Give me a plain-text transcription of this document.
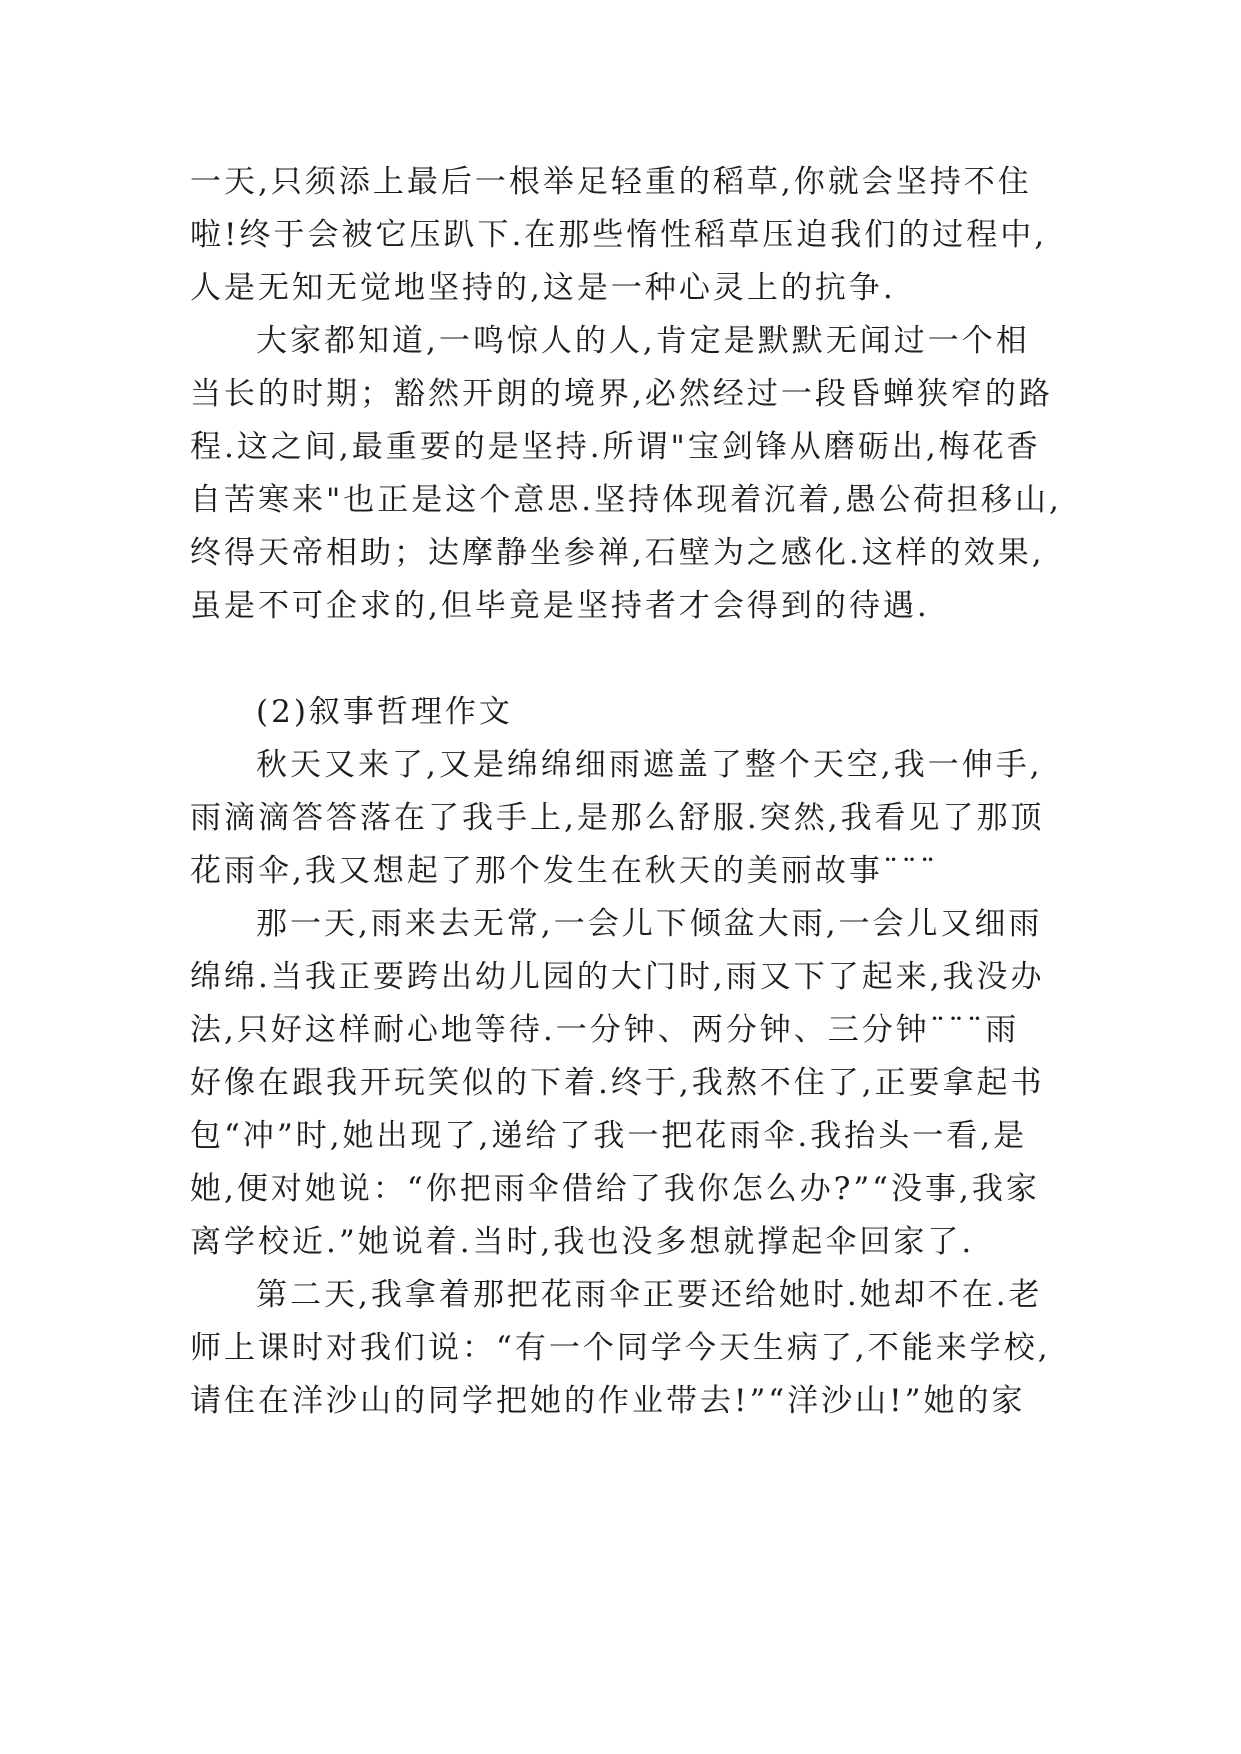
一天,只须添上最后一根举足轻重的稻草,你就会坚持不住
啦!终于会被它压趴下.在那些惰性稻草压迫我们的过程中,
人是无知无觉地坚持的,这是一种心灵上的抗争.
大家都知道,一鸣惊人的人,肯定是默默无闻过一个相
当长的时期；豁然开朗的境界,必然经过一段昏蝉狭窄的路
程.这之间,最重要的是坚持.所谓"宝剑锋从磨砺出,梅花香
自苦寒来"也正是这个意思.坚持体现着沉着,愚公荷担移山,
终得天帝相助；达摩静坐参禅,石壁为之感化.这样的效果,
虽是不可企求的,但毕竟是坚持者才会得到的待遇.
(2)叙事哲理作文
秋天又来了,又是绵绵细雨遮盖了整个天空,我一伸手,
雨滴滴答答落在了我手上,是那么舒服.突然,我看见了那顶
花雨伞,我又想起了那个发生在秋天的美丽故事¨¨¨
那一天,雨来去无常,一会儿下倾盆大雨,一会儿又细雨
绵绵.当我正要跨出幼儿园的大门时,雨又下了起来,我没办
法,只好这样耐心地等待.一分钟、两分钟、三分钟¨¨¨雨
好像在跟我开玩笑似的下着.终于,我熬不住了,正要拿起书
包“冲”时,她出现了,递给了我一把花雨伞.我抬头一看,是
她,便对她说：“你把雨伞借给了我你怎么办?”“没事,我家
离学校近.”她说着.当时,我也没多想就撑起伞回家了.
第二天,我拿着那把花雨伞正要还给她时.她却不在.老
师上课时对我们说：“有一个同学今天生病了,不能来学校,
请住在洋沙山的同学把她的作业带去!”“洋沙山!”她的家
